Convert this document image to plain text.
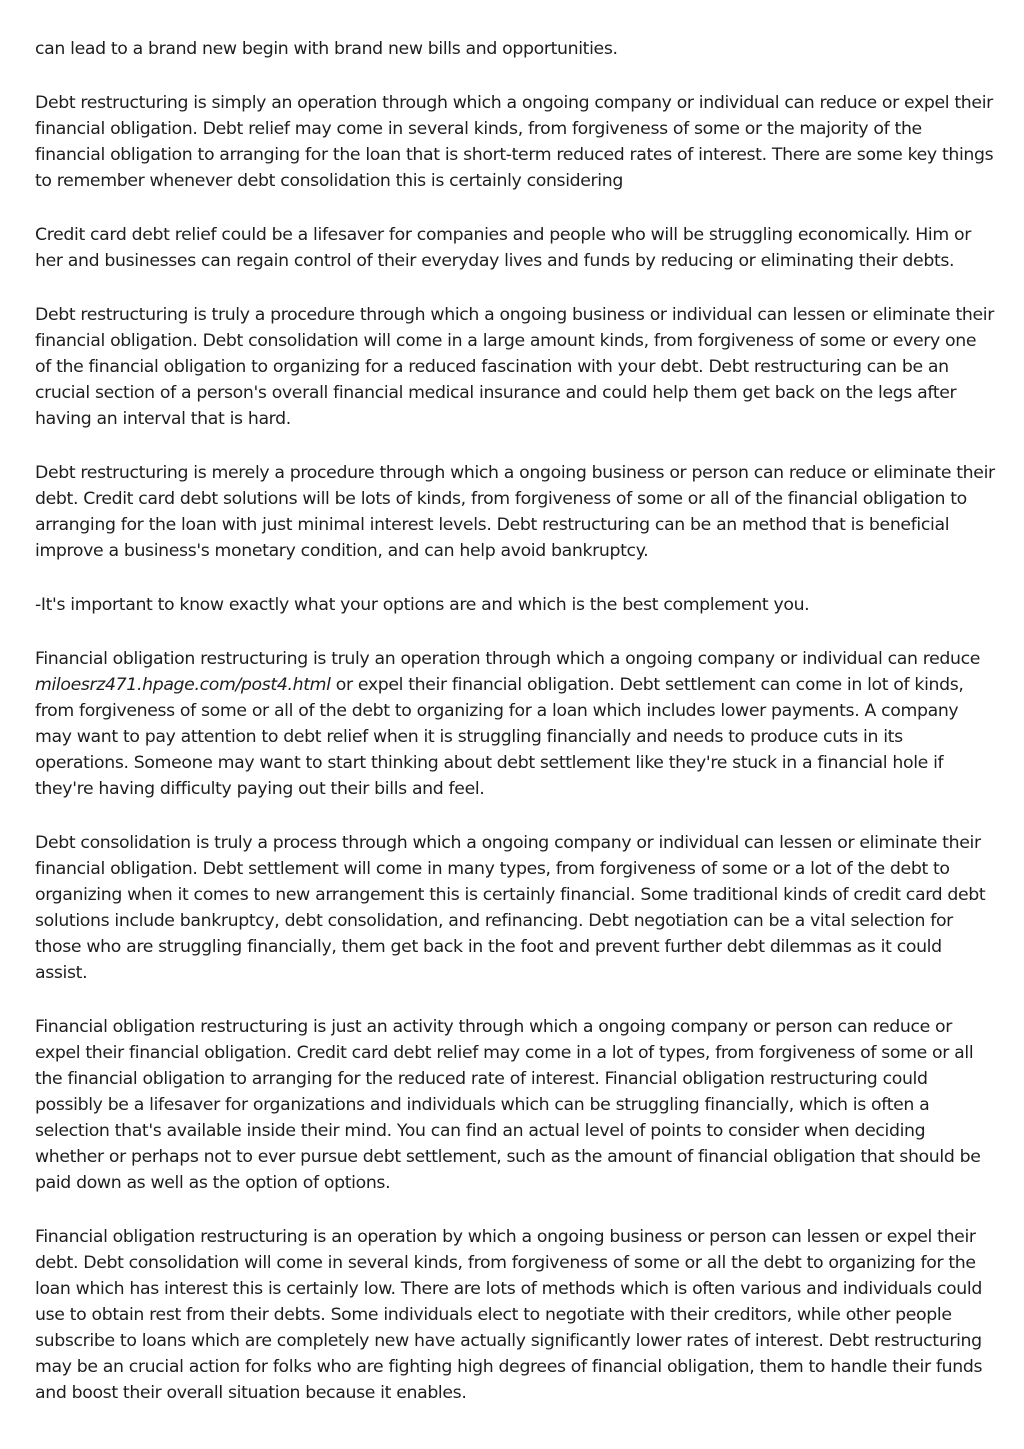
can lead to a brand new begin with brand new bills and opportunities.

Debt restructuring is simply an operation through which a ongoing company or individual can reduce or expel their financial obligation. Debt relief may come in several kinds, from forgiveness of some or the majority of the financial obligation to arranging for the loan that is short-term reduced rates of interest. There are some key things to remember whenever debt consolidation this is certainly considering

Credit card debt relief could be a lifesaver for companies and people who will be struggling economically. Him or her and businesses can regain control of their everyday lives and funds by reducing or eliminating their debts.

Debt restructuring is truly a procedure through which a ongoing business or individual can lessen or eliminate their financial obligation. Debt consolidation will come in a large amount kinds, from forgiveness of some or every one of the financial obligation to organizing for a reduced fascination with your debt. Debt restructuring can be an crucial section of a person's overall financial medical insurance and could help them get back on the legs after having an interval that is hard.

Debt restructuring is merely a procedure through which a ongoing business or person can reduce or eliminate their debt. Credit card debt solutions will be lots of kinds, from forgiveness of some or all of the financial obligation to arranging for the loan with just minimal interest levels. Debt restructuring can be an method that is beneficial improve a business's monetary condition, and can help avoid bankruptcy.

-It's important to know exactly what your options are and which is the best complement you.

Financial obligation restructuring is truly an operation through which a ongoing company or individual can reduce miloesrz471.hpage.com/post4.html or expel their financial obligation. Debt settlement can come in lot of kinds, from forgiveness of some or all of the debt to organizing for a loan which includes lower payments. A company may want to pay attention to debt relief when it is struggling financially and needs to produce cuts in its operations. Someone may want to start thinking about debt settlement like they're stuck in a financial hole if they're having difficulty paying out their bills and feel.

Debt consolidation is truly a process through which a ongoing company or individual can lessen or eliminate their financial obligation. Debt settlement will come in many types, from forgiveness of some or a lot of the debt to organizing when it comes to new arrangement this is certainly financial. Some traditional kinds of credit card debt solutions include bankruptcy, debt consolidation, and refinancing. Debt negotiation can be a vital selection for those who are struggling financially, them get back in the foot and prevent further debt dilemmas as it could assist.

Financial obligation restructuring is just an activity through which a ongoing company or person can reduce or expel their financial obligation. Credit card debt relief may come in a lot of types, from forgiveness of some or all the financial obligation to arranging for the reduced rate of interest. Financial obligation restructuring could possibly be a lifesaver for organizations and individuals which can be struggling financially, which is often a selection that's available inside their mind. You can find an actual level of points to consider when deciding whether or perhaps not to ever pursue debt settlement, such as the amount of financial obligation that should be paid down as well as the option of options.

Financial obligation restructuring is an operation by which a ongoing business or person can lessen or expel their debt. Debt consolidation will come in several kinds, from forgiveness of some or all the debt to organizing for the loan which has interest this is certainly low. There are lots of methods which is often various and individuals could use to obtain rest from their debts. Some individuals elect to negotiate with their creditors, while other people subscribe to loans which are completely new have actually significantly lower rates of interest. Debt restructuring may be an crucial action for folks who are fighting high degrees of financial obligation, them to handle their funds and boost their overall situation because it enables.
